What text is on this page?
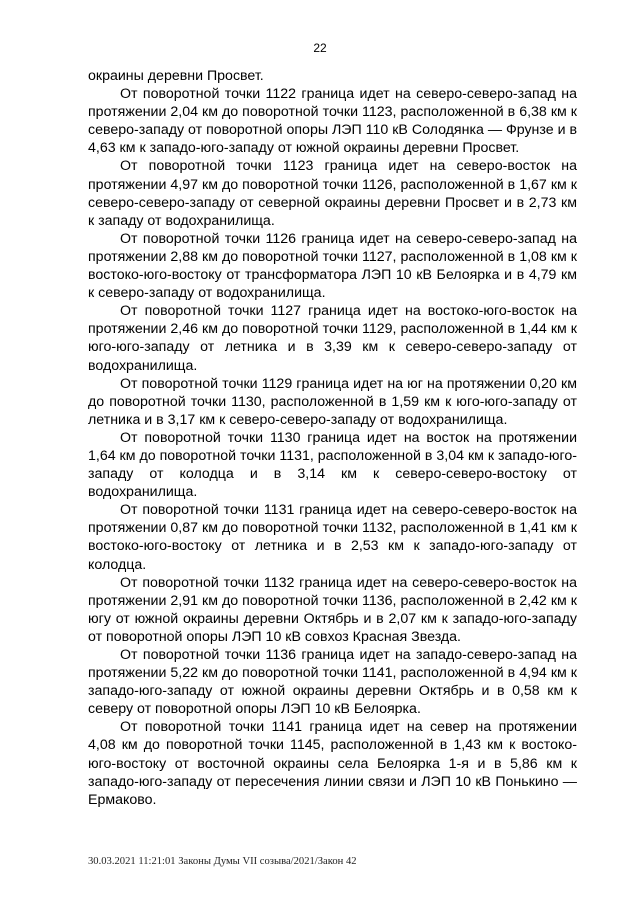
22

окраины деревни Просвет.

От поворотной точки 1122 граница идет на северо-северо-запад на протяжении 2,04 км до поворотной точки 1123, расположенной в 6,38 км к северо-западу от поворотной опоры ЛЭП 110 кВ Солодянка — Фрунзе и в 4,63 км к западо-юго-западу от южной окраины деревни Просвет.

От поворотной точки 1123 граница идет на северо-восток на протяжении 4,97 км до поворотной точки 1126, расположенной в 1,67 км к северо-северо-западу от северной окраины деревни Просвет и в 2,73 км к западу от водохранилища.

От поворотной точки 1126 граница идет на северо-северо-запад на протяжении 2,88 км до поворотной точки 1127, расположенной в 1,08 км к востоко-юго-востоку от трансформатора ЛЭП 10 кВ Белоярка и в 4,79 км к северо-западу от водохранилища.

От поворотной точки 1127 граница идет на востоко-юго-восток на протяжении 2,46 км до поворотной точки 1129, расположенной в 1,44 км к юго-юго-западу от летника и в 3,39 км к северо-северо-западу от водохранилища.

От поворотной точки 1129 граница идет на юг на протяжении 0,20 км до поворотной точки 1130, расположенной в 1,59 км к юго-юго-западу от летника и в 3,17 км к северо-северо-западу от водохранилища.

От поворотной точки 1130 граница идет на восток на протяжении 1,64 км до поворотной точки 1131, расположенной в 3,04 км к западо-юго-западу от колодца и в 3,14 км к северо-северо-востоку от водохранилища.

От поворотной точки 1131 граница идет на северо-северо-восток на протяжении 0,87 км до поворотной точки 1132, расположенной в 1,41 км к востоко-юго-востоку от летника и в 2,53 км к западо-юго-западу от колодца.

От поворотной точки 1132 граница идет на северо-северо-восток на протяжении 2,91 км до поворотной точки 1136, расположенной в 2,42 км к югу от южной окраины деревни Октябрь и в 2,07 км к западо-юго-западу от поворотной опоры ЛЭП 10 кВ совхоз Красная Звезда.

От поворотной точки 1136 граница идет на западо-северо-запад на протяжении 5,22 км до поворотной точки 1141, расположенной в 4,94 км к западо-юго-западу от южной окраины деревни Октябрь и в 0,58 км к северу от поворотной опоры ЛЭП 10 кВ Белоярка.

От поворотной точки 1141 граница идет на север на протяжении 4,08 км до поворотной точки 1145, расположенной в 1,43 км к востоко-юго-востоку от восточной окраины села Белоярка 1-я и в 5,86 км к западо-юго-западу от пересечения линии связи и ЛЭП 10 кВ Понькино — Ермаково.

30.03.2021 11:21:01 Законы Думы VII созыва/2021/Закон 42
